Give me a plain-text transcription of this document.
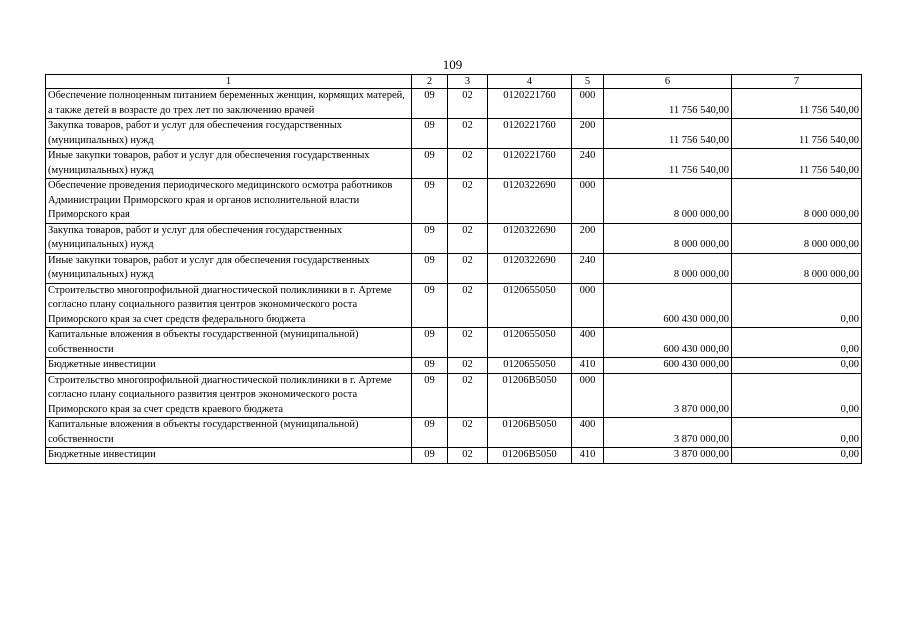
109
1	2	3	4	5	6	7
Обеспечение полноценным питанием беременных женщин, кормящих матерей, а также детей в возрасте до трех лет по заключению врачей	09	02	0120221760	000	11 756 540,00	11 756 540,00
Закупка товаров, работ и услуг для обеспечения государственных (муниципальных) нужд	09	02	0120221760	200	11 756 540,00	11 756 540,00
Иные закупки товаров, работ и услуг для обеспечения государственных (муниципальных) нужд	09	02	0120221760	240	11 756 540,00	11 756 540,00
Обеспечение проведения периодического медицинского осмотра работников Администрации Приморского края и органов исполнительной власти Приморского края	09	02	0120322690	000	8 000 000,00	8 000 000,00
Закупка товаров, работ и услуг для обеспечения государственных (муниципальных) нужд	09	02	0120322690	200	8 000 000,00	8 000 000,00
Иные закупки товаров, работ и услуг для обеспечения государственных (муниципальных) нужд	09	02	0120322690	240	8 000 000,00	8 000 000,00
Строительство многопрофильной диагностической поликлиники в г. Артеме согласно плану социального развития центров экономического роста Приморского края за счет средств федерального бюджета	09	02	0120655050	000	600 430 000,00	0,00
Капитальные вложения в объекты государственной (муниципальной) собственности	09	02	0120655050	400	600 430 000,00	0,00
Бюджетные инвестиции	09	02	0120655050	410	600 430 000,00	0,00
Строительство многопрофильной диагностической поликлиники в г. Артеме согласно плану социального развития центров экономического роста Приморского края за счет средств краевого бюджета	09	02	01206В5050	000	3 870 000,00	0,00
Капитальные вложения в объекты государственной (муниципальной) собственности	09	02	01206В5050	400	3 870 000,00	0,00
Бюджетные инвестиции	09	02	01206В5050	410	3 870 000,00	0,00
